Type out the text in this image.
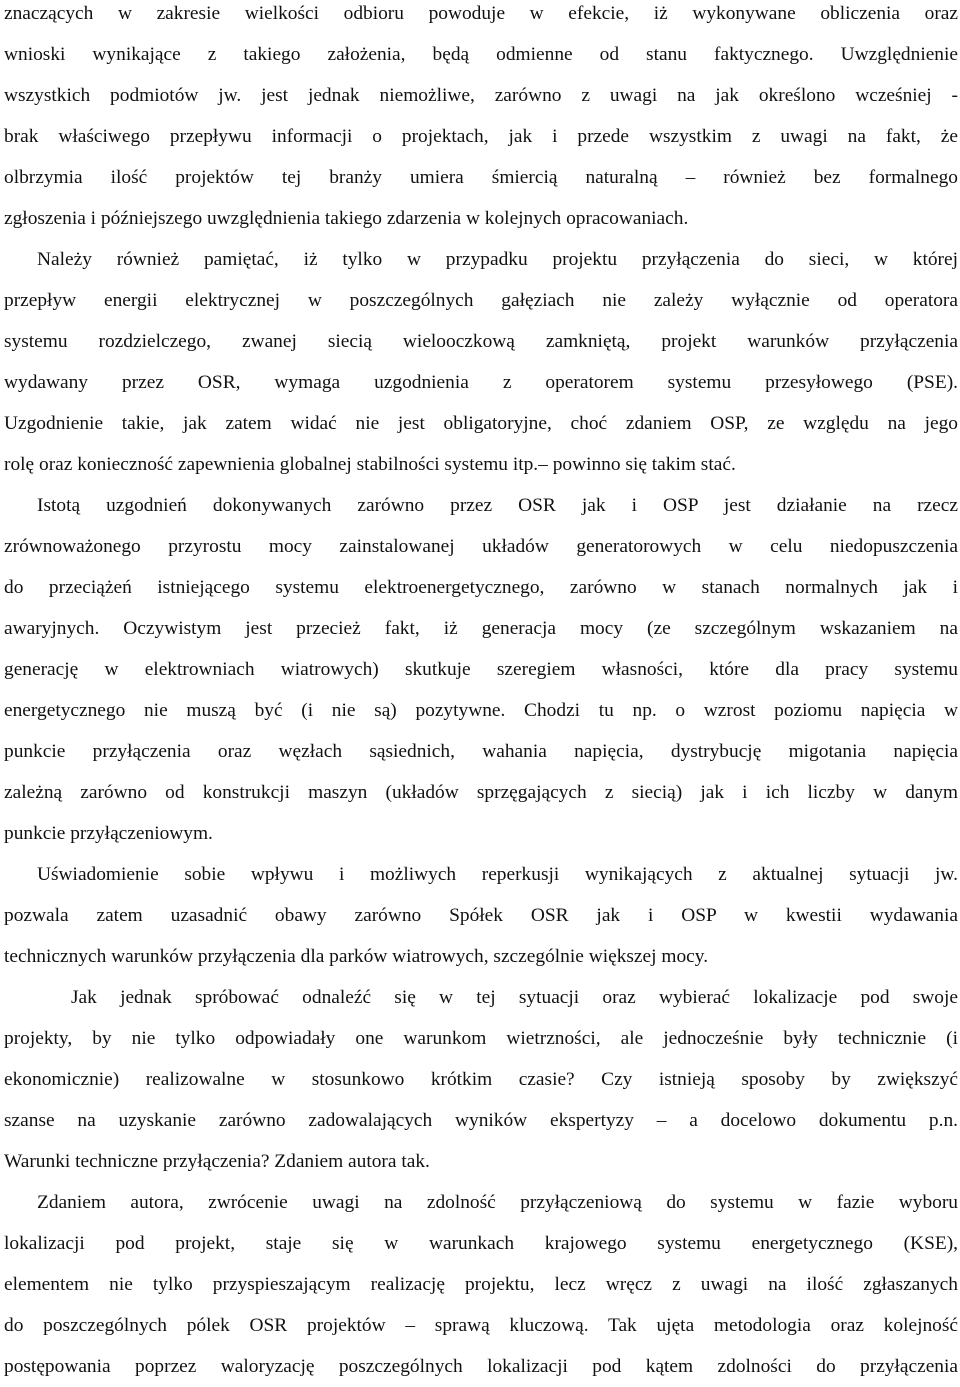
znaczących w zakresie wielkości odbioru powoduje w efekcie, iż wykonywane obliczenia oraz
wnioski wynikające z takiego założenia, będą odmienne od stanu faktycznego. Uwzględnienie
wszystkich podmiotów jw. jest jednak niemożliwe, zarówno z uwagi na jak określono wcześniej -
brak właściwego przepływu informacji o projektach, jak i przede wszystkim z uwagi na fakt, że
olbrzymia ilość projektów tej branży umiera śmiercią naturalną – również bez formalnego
zgłoszenia i późniejszego uwzględnienia takiego zdarzenia w kolejnych opracowaniach.
Należy również pamiętać, iż tylko w przypadku projektu przyłączenia do sieci, w której
przepływ energii elektrycznej w poszczególnych gałęziach nie zależy wyłącznie od operatora
systemu rozdzielczego, zwanej siecią wielooczkową zamkniętą, projekt warunków przyłączenia
wydawany przez OSR, wymaga uzgodnienia z operatorem systemu przesyłowego (PSE).
Uzgodnienie takie, jak zatem widać nie jest obligatoryjne, choć zdaniem OSP, ze względu na jego
rolę oraz konieczność zapewnienia globalnej stabilności systemu itp.– powinno się takim stać.
Istotą uzgodnień dokonywanych zarówno przez OSR jak i OSP jest działanie na rzecz
zrównoważonego przyrostu mocy zainstalowanej układów generatorowych w celu niedopuszczenia
do przeciążeń istniejącego systemu elektroenergetycznego, zarówno w stanach normalnych jak i
awaryjnych. Oczywistym jest przecież fakt, iż generacja mocy (ze szczególnym wskazaniem na
generację w elektrowniach wiatrowych) skutkuje szeregiem własności, które dla pracy systemu
energetycznego nie muszą być (i nie są) pozytywne. Chodzi tu np. o wzrost poziomu napięcia w
punkcie przyłączenia oraz węzłach sąsiednich, wahania napięcia, dystrybucję migotania napięcia
zależną zarówno od konstrukcji maszyn (układów sprzęgających z siecią) jak i ich liczby w danym
punkcie przyłączeniowym.
Uświadomienie sobie wpływu i możliwych reperkusji wynikających z aktualnej sytuacji jw.
pozwala zatem uzasadnić obawy zarówno Spółek OSR jak i OSP w kwestii wydawania
technicznych warunków przyłączenia dla parków wiatrowych, szczególnie większej mocy.
Jak jednak spróbować odnaleźć się w tej sytuacji oraz wybierać lokalizacje pod swoje
projekty, by nie tylko odpowiadały one warunkom wietrzności, ale jednocześnie były technicznie (i
ekonomicznie) realizowalne w stosunkowo krótkim czasie? Czy istnieją sposoby by zwiększyć
szanse na uzyskanie zarówno zadowalających wyników ekspertyzy – a docelowo dokumentu p.n.
Warunki techniczne przyłączenia? Zdaniem autora tak.
Zdaniem autora, zwrócenie uwagi na zdolność przyłączeniową do systemu w fazie wyboru
lokalizacji pod projekt, staje się w warunkach krajowego systemu energetycznego (KSE),
elementem nie tylko przyspieszającym realizację projektu, lecz wręcz z uwagi na ilość zgłaszanych
do poszczególnych pólek OSR projektów – sprawą kluczową. Tak ujęta metodologia oraz kolejność
postępowania poprzez waloryzację poszczególnych lokalizacji pod kątem zdolności do przyłączenia
